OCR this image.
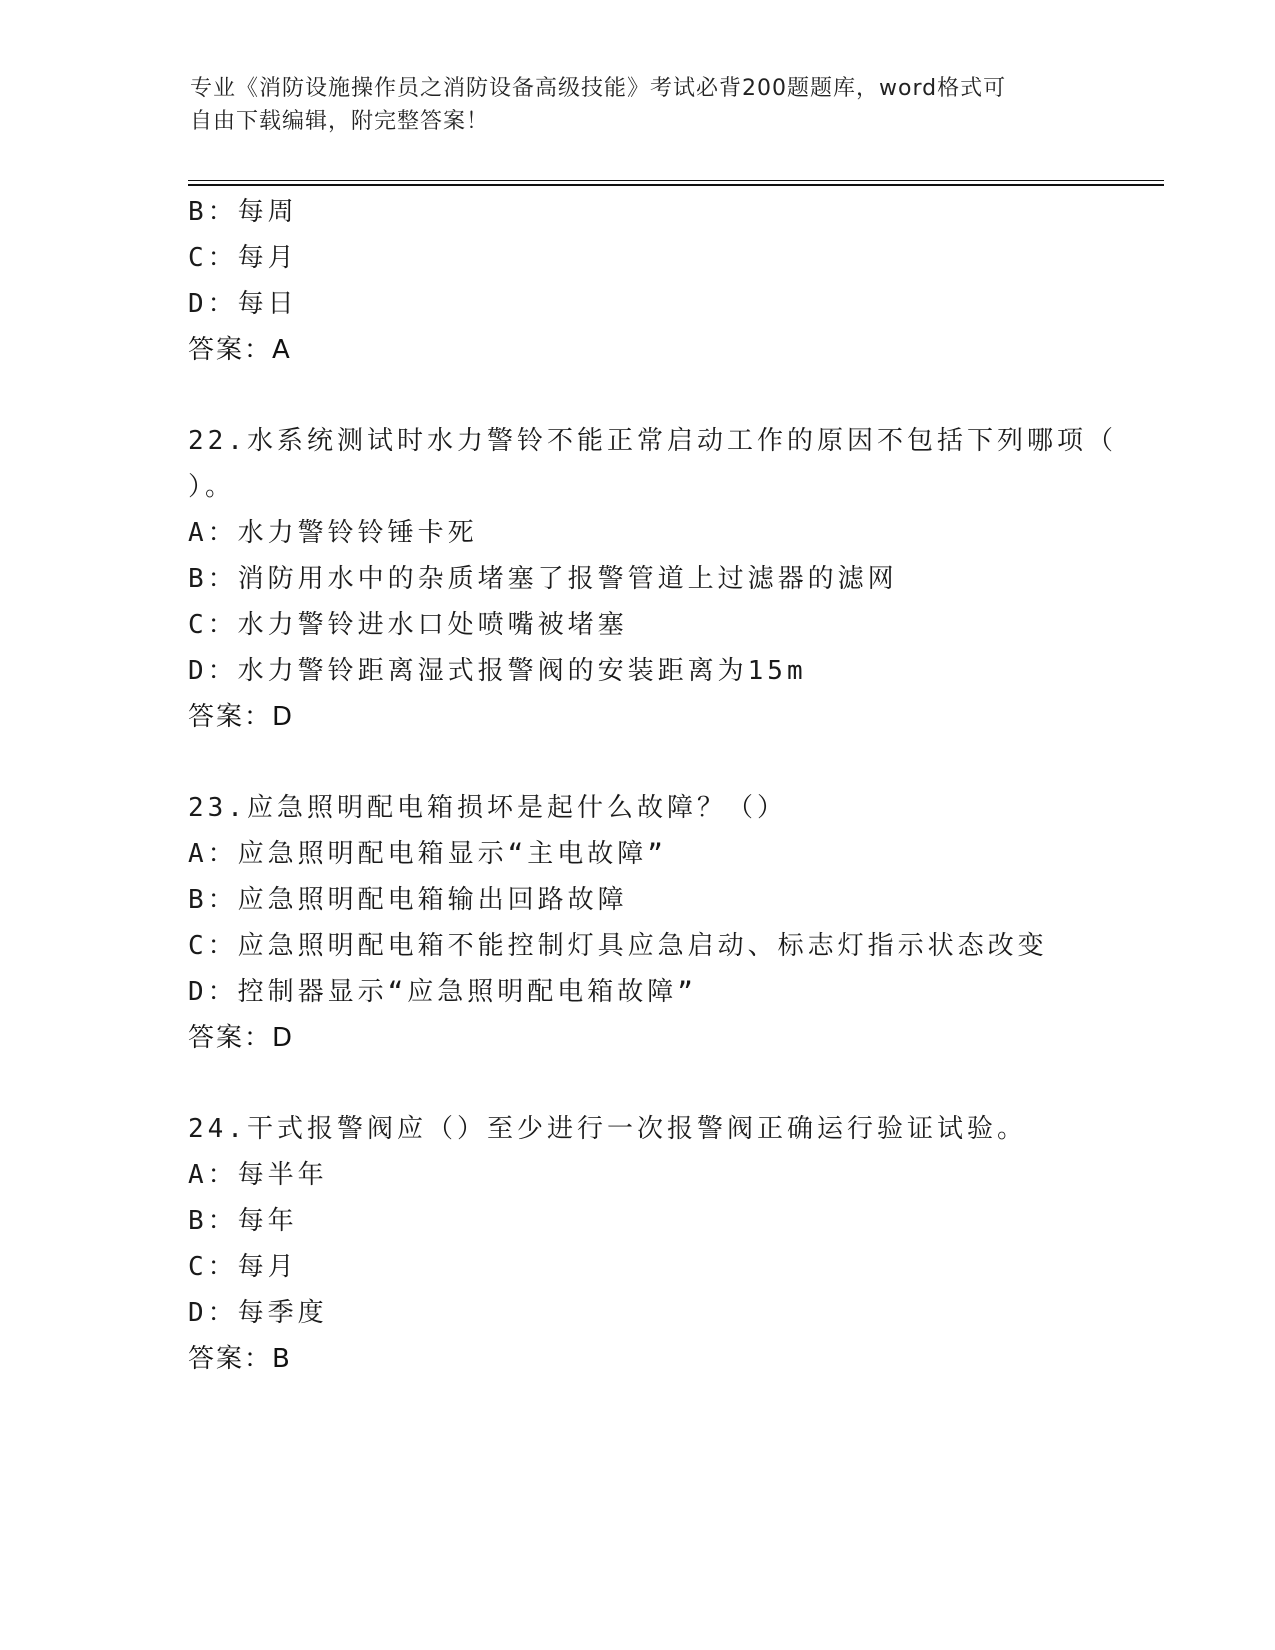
专业《消防设施操作员之消防设备高级技能》考试必背200题题库，word格式可
自由下载编辑，附完整答案！
B：每周
C：每月
D：每日
答案：A
22.水系统测试时水力警铃不能正常启动工作的原因不包括下列哪项（
）。
A：水力警铃铃锤卡死
B：消防用水中的杂质堵塞了报警管道上过滤器的滤网
C：水力警铃进水口处喷嘴被堵塞
D：水力警铃距离湿式报警阀的安装距离为15m
答案：D
23.应急照明配电箱损坏是起什么故障？（）
A：应急照明配电箱显示“主电故障”
B：应急照明配电箱输出回路故障
C：应急照明配电箱不能控制灯具应急启动、标志灯指示状态改变
D：控制器显示“应急照明配电箱故障”
答案：D
24.干式报警阀应（）至少进行一次报警阀正确运行验证试验。
A：每半年
B：每年
C：每月
D：每季度
答案：B
